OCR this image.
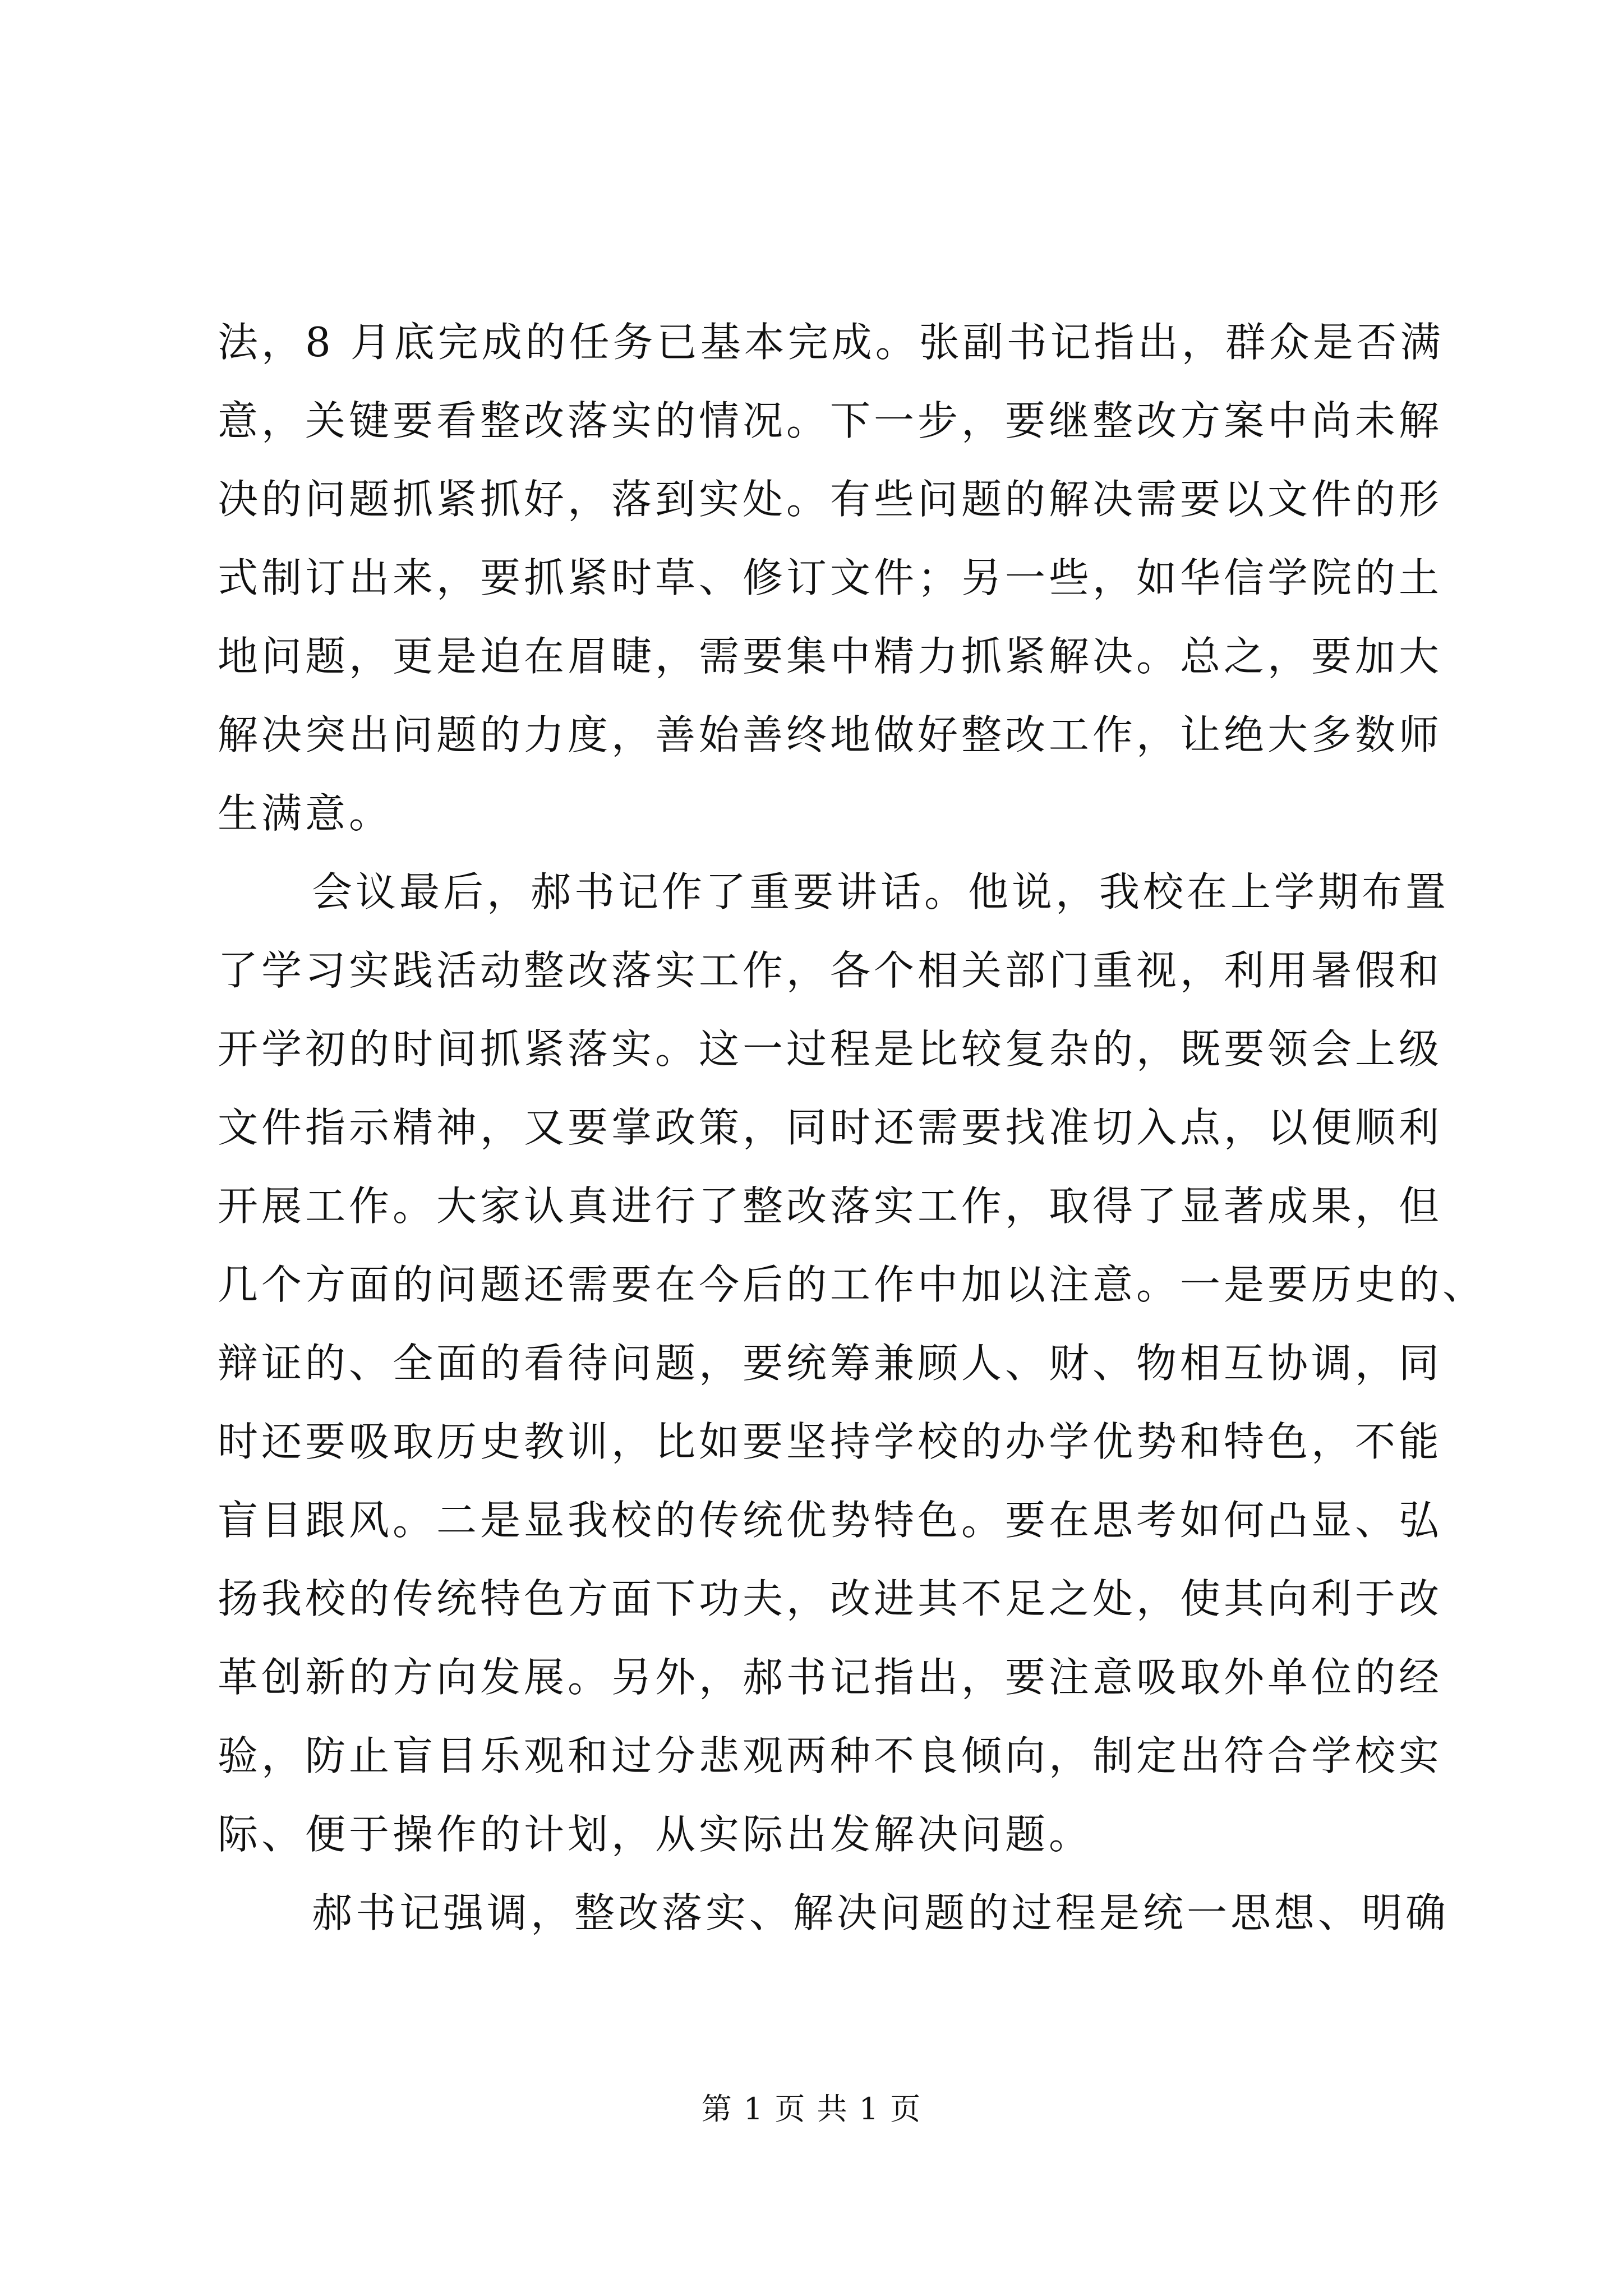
法，8 月底完成的任务已基本完成。张副书记指出，群众是否满
意，关键要看整改落实的情况。下一步，要继整改方案中尚未解
决的问题抓紧抓好，落到实处。有些问题的解决需要以文件的形
式制订出来，要抓紧时草、修订文件；另一些，如华信学院的土
地问题，更是迫在眉睫，需要集中精力抓紧解决。总之，要加大
解决突出问题的力度，善始善终地做好整改工作，让绝大多数师
生满意。
会议最后，郝书记作了重要讲话。他说，我校在上学期布置
了学习实践活动整改落实工作，各个相关部门重视，利用暑假和
开学初的时间抓紧落实。这一过程是比较复杂的，既要领会上级
文件指示精神，又要掌政策，同时还需要找准切入点，以便顺利
开展工作。大家认真进行了整改落实工作，取得了显著成果，但
几个方面的问题还需要在今后的工作中加以注意。一是要历史的、
辩证的、全面的看待问题，要统筹兼顾人、财、物相互协调，同
时还要吸取历史教训，比如要坚持学校的办学优势和特色，不能
盲目跟风。二是显我校的传统优势特色。要在思考如何凸显、弘
扬我校的传统特色方面下功夫，改进其不足之处，使其向利于改
革创新的方向发展。另外，郝书记指出，要注意吸取外单位的经
验，防止盲目乐观和过分悲观两种不良倾向，制定出符合学校实
际、便于操作的计划，从实际出发解决问题。
郝书记强调，整改落实、解决问题的过程是统一思想、明确
第 1 页 共 1 页
